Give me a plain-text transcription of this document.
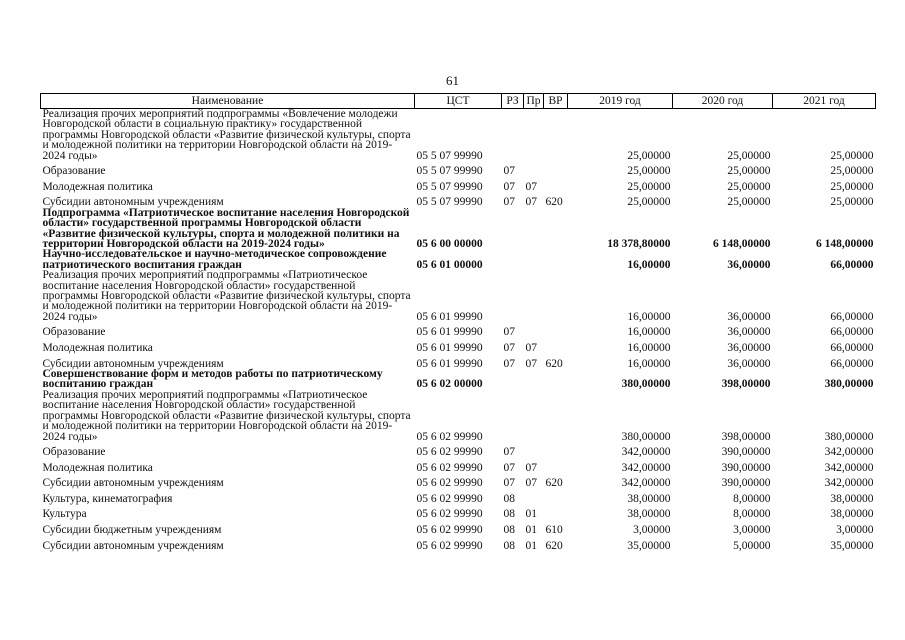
61
Наименование	ЦСТ	РЗ	Пр	ВР	2019 год	2020 год	2021 год
Реализация прочих мероприятий подпрограммы «Вовлечение молодежи Новгородской области в социальную практику» государственной программы Новгородской области «Развитие физической культуры, спорта и молодежной политики на территории Новгородской области на 2019-2024 годы»	05 5 07 99990				25,00000	25,00000	25,00000
Образование	05 5 07 99990	07			25,00000	25,00000	25,00000
Молодежная политика	05 5 07 99990	07	07		25,00000	25,00000	25,00000
Субсидии автономным учреждениям	05 5 07 99990	07	07	620	25,00000	25,00000	25,00000
Подпрограмма «Патриотическое воспитание населения Новгородской области» государственной программы Новгородской области «Развитие физической культуры, спорта и молодежной политики на территории Новгородской области на 2019-2024 годы»	05 6 00 00000				18 378,80000	6 148,00000	6 148,00000
Научно-исследовательское и научно-методическое сопровождение патриотического воспитания граждан	05 6 01 00000				16,00000	36,00000	66,00000
Реализация прочих мероприятий подпрограммы «Патриотическое воспитание населения Новгородской области» государственной программы Новгородской области «Развитие физической культуры, спорта и молодежной политики на территории Новгородской области на 2019-2024 годы»	05 6 01 99990				16,00000	36,00000	66,00000
Образование	05 6 01 99990	07			16,00000	36,00000	66,00000
Молодежная политика	05 6 01 99990	07	07		16,00000	36,00000	66,00000
Субсидии автономным учреждениям	05 6 01 99990	07	07	620	16,00000	36,00000	66,00000
Совершенствование форм и методов работы по патриотическому воспитанию граждан	05 6 02 00000				380,00000	398,00000	380,00000
Реализация прочих мероприятий подпрограммы «Патриотическое воспитание населения Новгородской области» государственной программы Новгородской области «Развитие физической культуры, спорта и молодежной политики на территории Новгородской области на 2019-2024 годы»	05 6 02 99990				380,00000	398,00000	380,00000
Образование	05 6 02 99990	07			342,00000	390,00000	342,00000
Молодежная политика	05 6 02 99990	07	07		342,00000	390,00000	342,00000
Субсидии автономным учреждениям	05 6 02 99990	07	07	620	342,00000	390,00000	342,00000
Культура, кинематография	05 6 02 99990	08			38,00000	8,00000	38,00000
Культура	05 6 02 99990	08	01		38,00000	8,00000	38,00000
Субсидии бюджетным учреждениям	05 6 02 99990	08	01	610	3,00000	3,00000	3,00000
Субсидии автономным учреждениям	05 6 02 99990	08	01	620	35,00000	5,00000	35,00000
